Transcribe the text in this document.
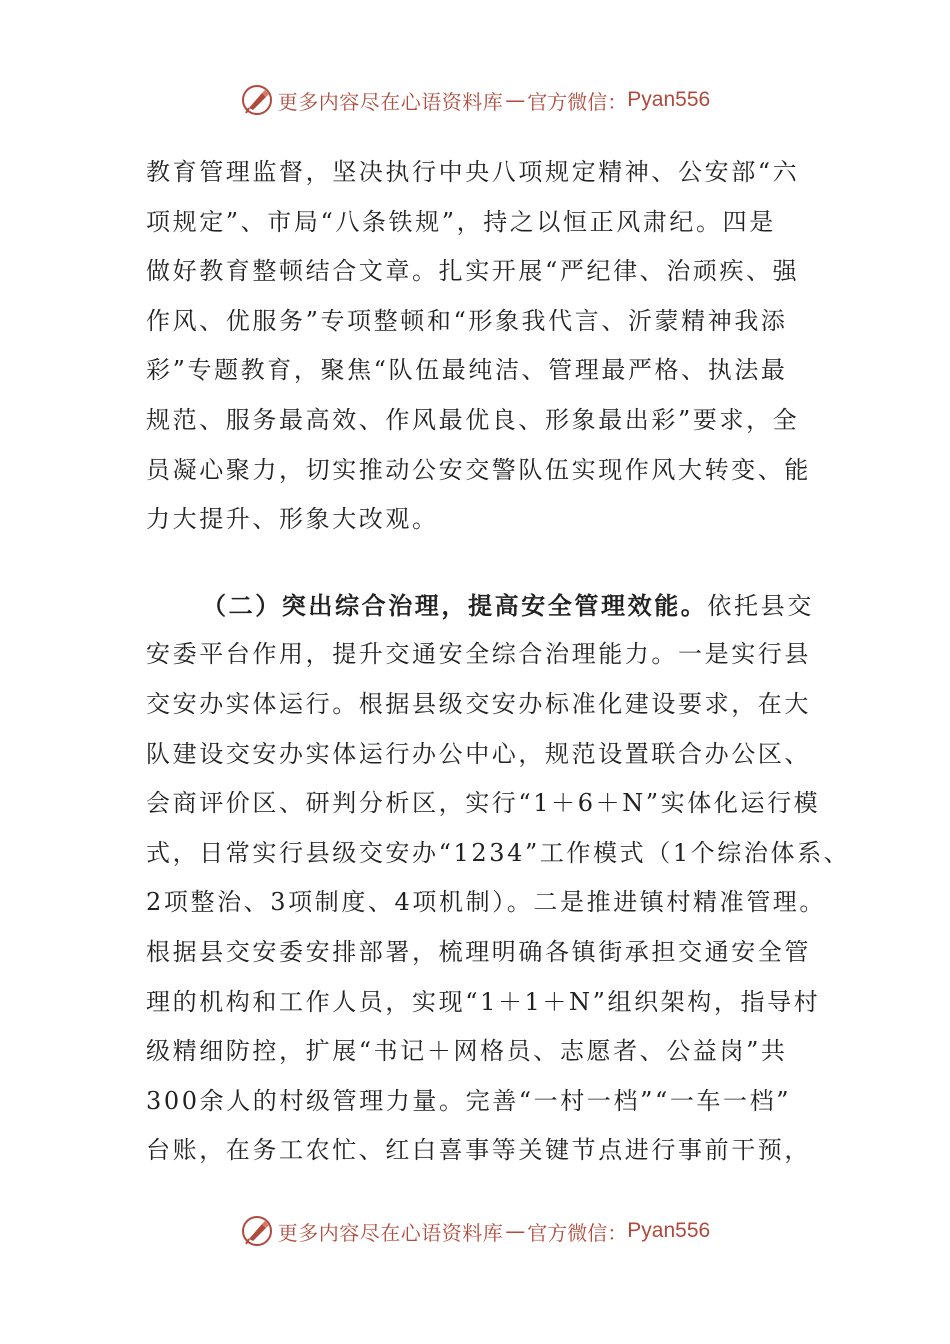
更多内容尽在心语资料库 — 官方微信： Pyan556
教育管理监督，坚决执行中央八项规定精神、公安部“六
项规定”、市局“八条铁规”，持之以恒正风肃纪。四是
做好教育整顿结合文章。扎实开展“严纪律、治顽疾、强
作风、优服务”专项整顿和“形象我代言、沂蒙精神我添
彩”专题教育，聚焦“队伍最纯洁、管理最严格、执法最
规范、服务最高效、作风最优良、形象最出彩”要求，全
员凝心聚力，切实推动公安交警队伍实现作风大转变、能
力大提升、形象大改观。
（二）突出综合治理，提高安全管理效能。依托县交
安委平台作用，提升交通安全综合治理能力。一是实行县
交安办实体运行。根据县级交安办标准化建设要求，在大
队建设交安办实体运行办公中心，规范设置联合办公区、
会商评价区、研判分析区，实行“1＋6＋N”实体化运行模
式，日常实行县级交安办“1234”工作模式（1个综治体系、
2项整治、3项制度、4项机制）。二是推进镇村精准管理。
根据县交安委安排部署，梳理明确各镇街承担交通安全管
理的机构和工作人员，实现“1＋1＋N”组织架构，指导村
级精细防控，扩展“书记＋网格员、志愿者、公益岗”共
300余人的村级管理力量。完善“一村一档”“一车一档”
台账，在务工农忙、红白喜事等关键节点进行事前干预，
更多内容尽在心语资料库 — 官方微信： Pyan556
